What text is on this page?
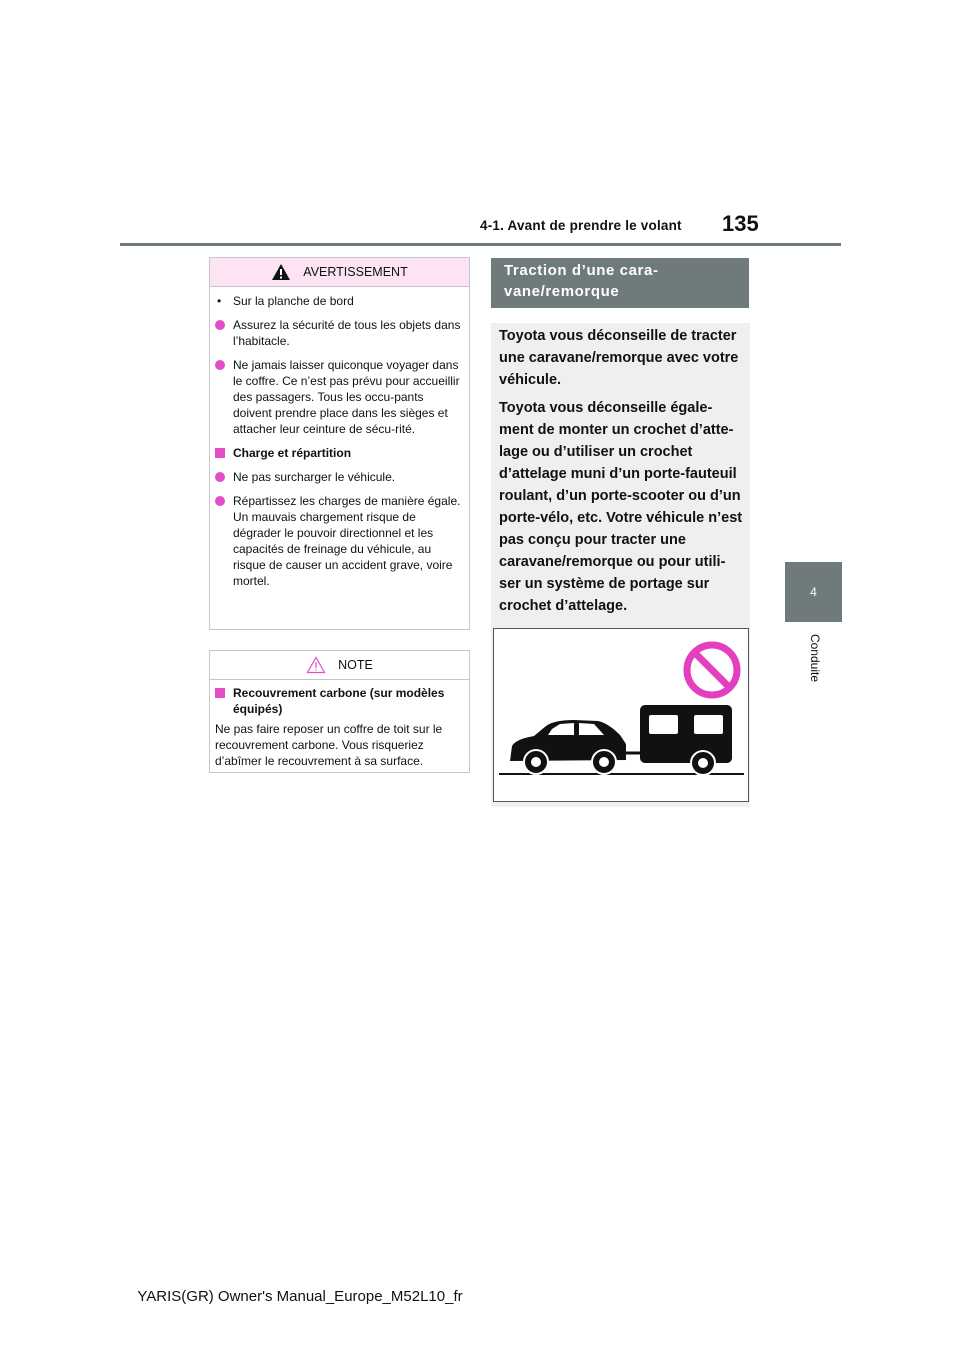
4-1. Avant de prendre le volant 135
4
Conduite
AVERTISSEMENT
• Sur la planche de bord
Assurez la sécurité de tous les objets dans l’habitacle.
Ne jamais laisser quiconque voyager dans le coffre. Ce n’est pas prévu pour accueillir des passagers. Tous les occu-pants doivent prendre place dans les sièges et attacher leur ceinture de sécu-rité.
Charge et répartition
Ne pas surcharger le véhicule.
Répartissez les charges de manière égale.
Un mauvais chargement risque de dégrader le pouvoir directionnel et les capacités de freinage du véhicule, au risque de causer un accident grave, voire mortel.
NOTE
Recouvrement carbone (sur modèles équipés)
Ne pas faire reposer un coffre de toit sur le recouvrement carbone. Vous risqueriez d’abîmer le recouvrement à sa surface.
Traction d’une cara-vane/remorque

Toyota vous déconseille de tracter une caravane/remorque avec votre véhicule.

Toyota vous déconseille égale-ment de monter un crochet d’atte-lage ou d’utiliser un crochet d’attelage muni d’un porte-fauteuil roulant, d’un porte-scooter ou d’un porte-vélo, etc. Votre véhicule n’est pas conçu pour tracter une caravane/remorque ou pour utili-ser un système de portage sur crochet d’attelage.

YARIS(GR) Owner's Manual_Europe_M52L10_fr
